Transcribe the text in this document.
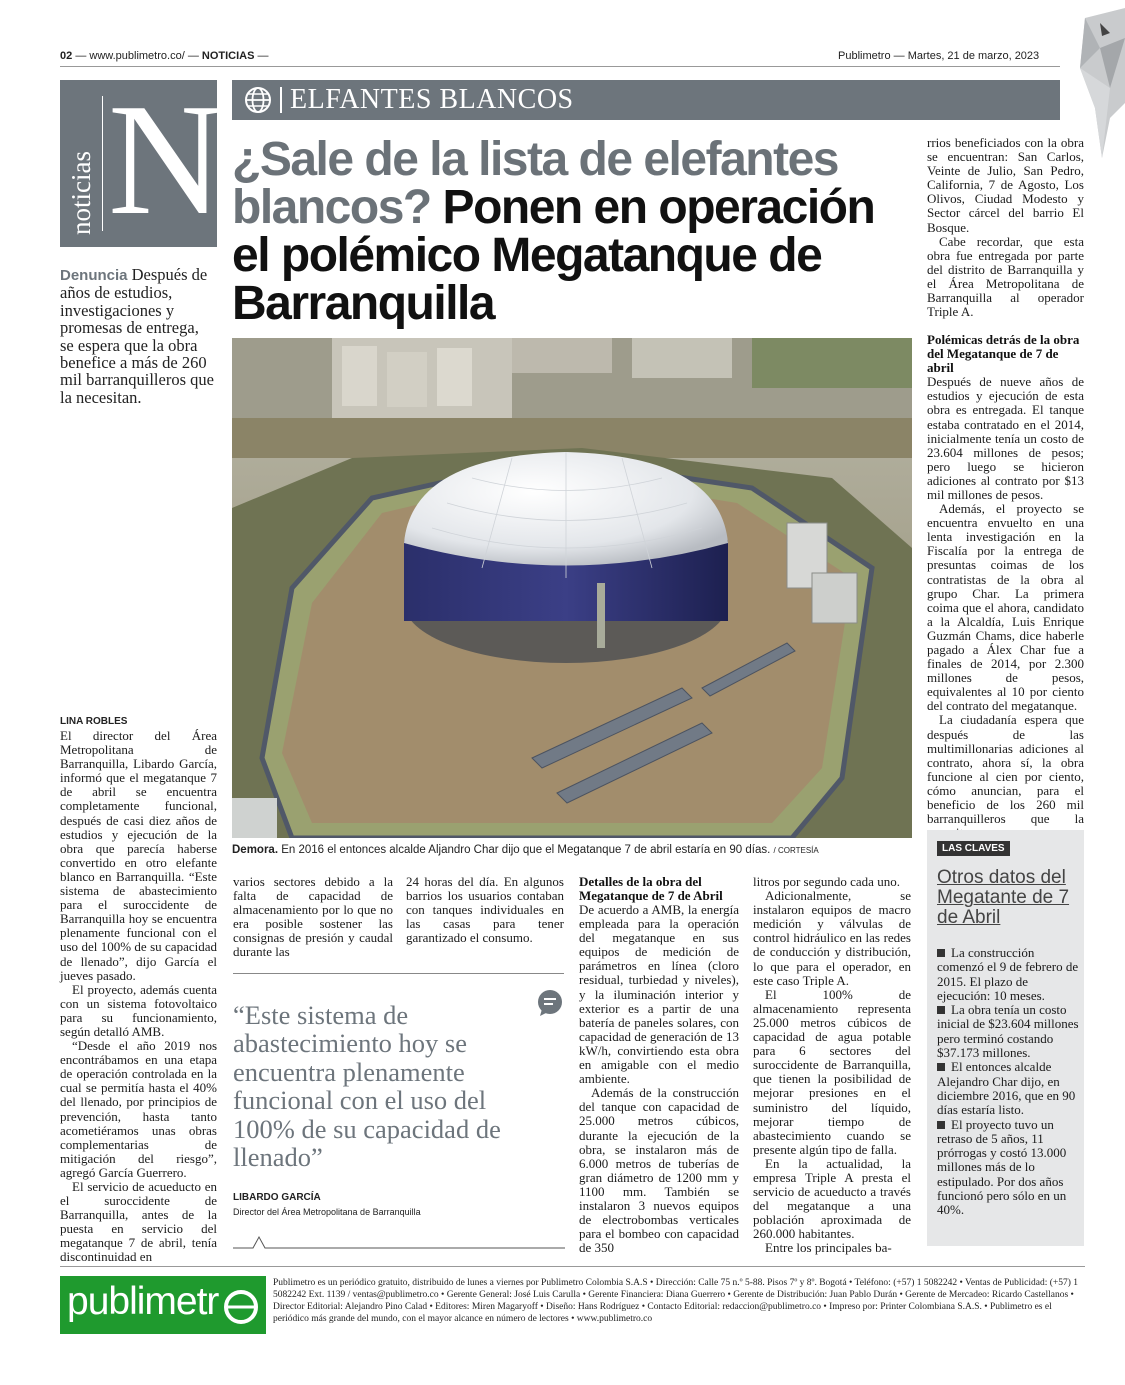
02 — www.publimetro.co/ — NOTICIAS —	Publimetro — Martes, 21 de marzo, 2023
noticias N ELFANTES BLANCOS
¿Sale de la lista de elefantes blancos? Ponen en operación el polémico Megatanque de Barranquilla
Denuncia Después de años de estudios, investigaciones y promesas de entrega, se espera que la obra benefice a más de 260 mil barranquilleros que la necesitan.
Demora. En 2016 el entonces alcalde Aljandro Char dijo que el Megatanque 7 de abril estaría en 90 días. / CORTESÍA
LINA ROBLES

El director del Área Metropolitana de Barranquilla, Libardo García, informó que el megatanque 7 de abril se encuentra completamente funcional, después de casi diez años de estudios y ejecución de la obra que parecía haberse convertido en otro elefante blanco en Barranquilla. “Este sistema de abastecimiento para el suroccidente de Barranquilla hoy se encuentra plenamente funcional con el uso del 100% de su capacidad de llenado”, dijo García el jueves pasado.

El proyecto, además cuenta con un sistema fotovoltaico para su funcionamiento, según detalló AMB.

“Desde el año 2019 nos encontrábamos en una etapa de operación controlada en la cual se permitía hasta el 40% del llenado, por principios de prevención, hasta tanto acometiéramos unas obras complementarias de mitigación del riesgo”, agregó García Guerrero.

El servicio de acueducto en el suroccidente de Barranquilla, antes de la puesta en servicio del megatanque 7 de abril, tenía discontinuidad en

varios sectores debido a la falta de capacidad de almacenamiento por lo que no era posible sostener las consignas de presión y caudal durante las

24 horas del día. En algunos barrios los usuarios contaban con tanques individuales en las casas para tener garantizado el consumo.

“Este sistema de abastecimiento hoy se encuentra plenamente funcional con el uso del 100% de su capacidad de llenado”
LIBARDO GARCÍA
Director del Área Metropolitana de Barranquilla
Detalles de la obra del Megatanque de 7 de Abril

De acuerdo a AMB, la energía empleada para la operación del megatanque en sus equipos de medición de parámetros en línea (cloro residual, turbiedad y niveles), y la iluminación interior y exterior es a partir de una batería de paneles solares, con capacidad de generación de 13 kW/h, convirtiendo esta obra en amigable con el medio ambiente.

Además de la construcción del tanque con capacidad de 25.000 metros cúbicos, durante la ejecución de la obra, se instalaron más de 6.000 metros de tuberías de gran diámetro de 1200 mm y 1100 mm. También se instalaron 3 nuevos equipos de electrobombas verticales para el bombeo con capacidad de 350

litros por segundo cada uno.

Adicionalmente, se instalaron equipos de macro medición y válvulas de control hidráulico en las redes de conducción y distribución, lo que para el operador, en este caso Triple A.

El 100% de almacenamiento representa 25.000 metros cúbicos de capacidad de agua potable para 6 sectores del suroccidente de Barranquilla, que tienen la posibilidad de mejorar presiones en el suministro del líquido, mejorar tiempo de abastecimiento cuando se presente algún tipo de falla.

En la actualidad, la empresa Triple A presta el servicio de acueducto a través del megatanque a una población aproximada de 260.000 habitantes.

Entre los principales ba-

rrios beneficiados con la obra se encuentran: San Carlos, Veinte de Julio, San Pedro, California, 7 de Agosto, Los Olivos, Ciudad Modesto y Sector cárcel del barrio El Bosque.

Cabe recordar, que esta obra fue entregada por parte del distrito de Barranquilla y el Área Metropolitana de Barranquilla al operador Triple A.

Polémicas detrás de la obra del Megatanque de 7 de abril

Después de nueve años de estudios y ejecución de esta obra es entregada. El tanque estaba contratado en el 2014, inicialmente tenía un costo de 23.604 millones de pesos; pero luego se hicieron adiciones al contrato por $13 mil millones de pesos.

Además, el proyecto se encuentra envuelto en una lenta investigación en la Fiscalía por la entrega de presuntas coimas de los contratistas de la obra al grupo Char. La primera coima que el ahora, candidato a la Alcaldía, Luis Enrique Guzmán Chams, dice haberle pagado a Álex Char fue a finales de 2014, por 2.300 millones de pesos, equivalentes al 10 por ciento del contrato del megatanque.

La ciudadanía espera que después de las multimillonarias adiciones al contrato, ahora sí, la obra funcione al cien por ciento, cómo anuncian, para el beneficio de los 260 mil barranquilleros que la

LAS CLAVES
Otros datos del Megatante de 7 de Abril
La construcción comenzó el 9 de febrero de 2015. El plazo de ejecución: 10 meses.
La obra tenía un costo inicial de $23.604 millones pero terminó costando $37.173 millones.
El entonces alcalde Alejandro Char dijo, en diciembre 2016, que en 90 días estaría listo.
El proyecto tuvo un retraso de 5 años, 11 prórrogas y costó 13.000 millones más de lo estipulado. Por dos años funcionó pero sólo en un 40%.
publimetr	Publimetro es un periódico gratuito, distribuido de lunes a viernes por Publimetro Colombia S.A.S • Dirección: Calle 75 n.º 5-88. Pisos 7º y 8º. Bogotá • Teléfono: (+57) 1 5082242 • Ventas de Publicidad: (+57) 1 5082242 Ext. 1139 / ventas@publimetro.co • Gerente General: José Luis Carulla • Gerente Financiera: Diana Guerrero • Gerente de Distribución: Juan Pablo Durán • Gerente de Mercadeo: Ricardo Castellanos • Director Editorial: Alejandro Pino Calad • Editores: Miren Magaryoff • Diseño: Hans Rodríguez • Contacto Editorial: redaccion@publimetro.co • Impreso por: Printer Colombiana S.A.S. • Publimetro es el periódico más grande del mundo, con el mayor alcance en número de lectores • www.publimetro.co
